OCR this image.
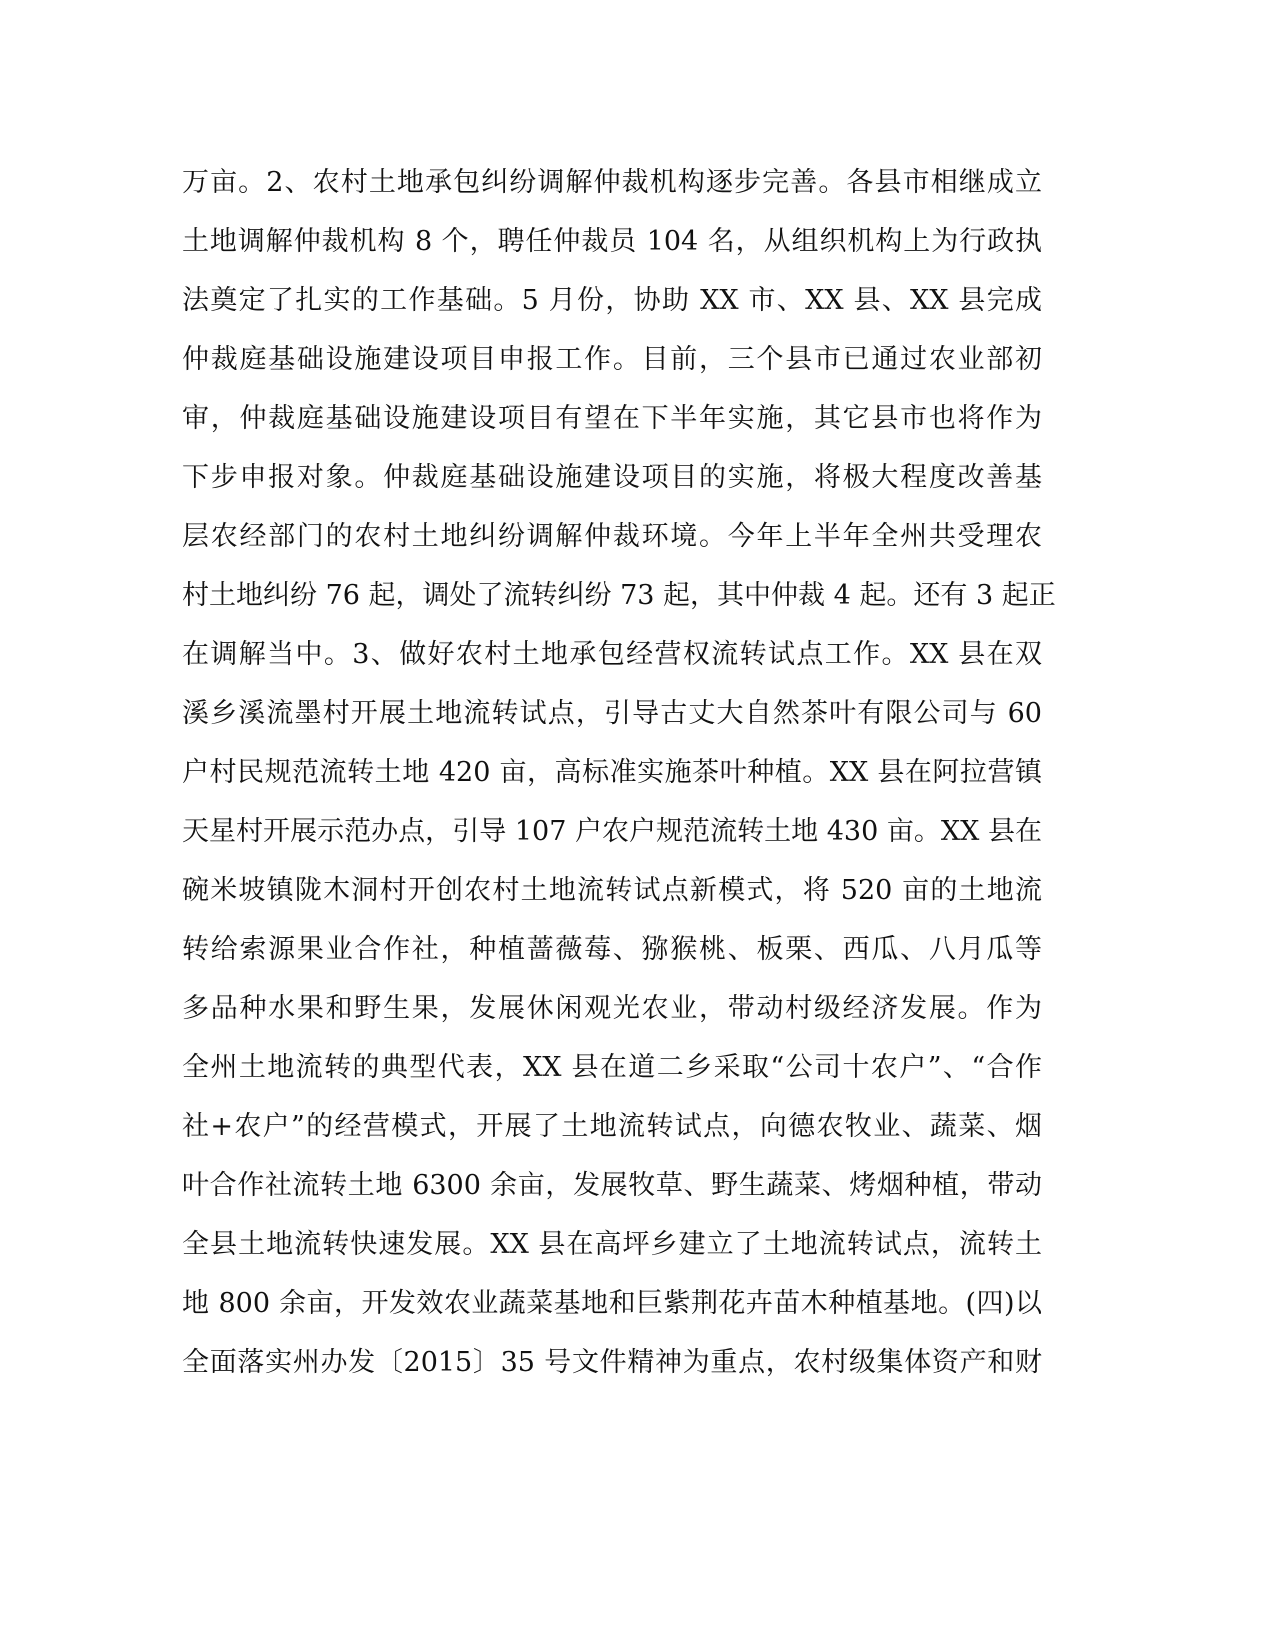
万亩。2、农村土地承包纠纷调解仲裁机构逐步完善。各县市相继成立
土地调解仲裁机构 8 个，聘任仲裁员 104 名，从组织机构上为行政执
法奠定了扎实的工作基础。5 月份，协助 XX 市、XX 县、XX 县完成
仲裁庭基础设施建设项目申报工作。目前，三个县市已通过农业部初
审，仲裁庭基础设施建设项目有望在下半年实施，其它县市也将作为
下步申报对象。仲裁庭基础设施建设项目的实施，将极大程度改善基
层农经部门的农村土地纠纷调解仲裁环境。今年上半年全州共受理农
村土地纠纷 76 起，调处了流转纠纷 73 起，其中仲裁 4 起。还有 3 起正
在调解当中。3、做好农村土地承包经营权流转试点工作。XX 县在双
溪乡溪流墨村开展土地流转试点，引导古丈大自然茶叶有限公司与 60
户村民规范流转土地 420 亩，高标准实施茶叶种植。XX 县在阿拉营镇
天星村开展示范办点，引导 107 户农户规范流转土地 430 亩。XX 县在
碗米坡镇陇木洞村开创农村土地流转试点新模式，将 520 亩的土地流
转给索源果业合作社，种植蔷薇莓、猕猴桃、板栗、西瓜、八月瓜等
多品种水果和野生果，发展休闲观光农业，带动村级经济发展。作为
全州土地流转的典型代表，XX 县在道二乡采取“公司十农户”、“合作
社+农户”的经营模式，开展了土地流转试点，向德农牧业、蔬菜、烟
叶合作社流转土地 6300 余亩，发展牧草、野生蔬菜、烤烟种植，带动
全县土地流转快速发展。XX 县在高坪乡建立了土地流转试点，流转土
地 800 余亩，开发效农业蔬菜基地和巨紫荆花卉苗木种植基地。(四)以
全面落实州办发〔2015〕35 号文件精神为重点，农村级集体资产和财
